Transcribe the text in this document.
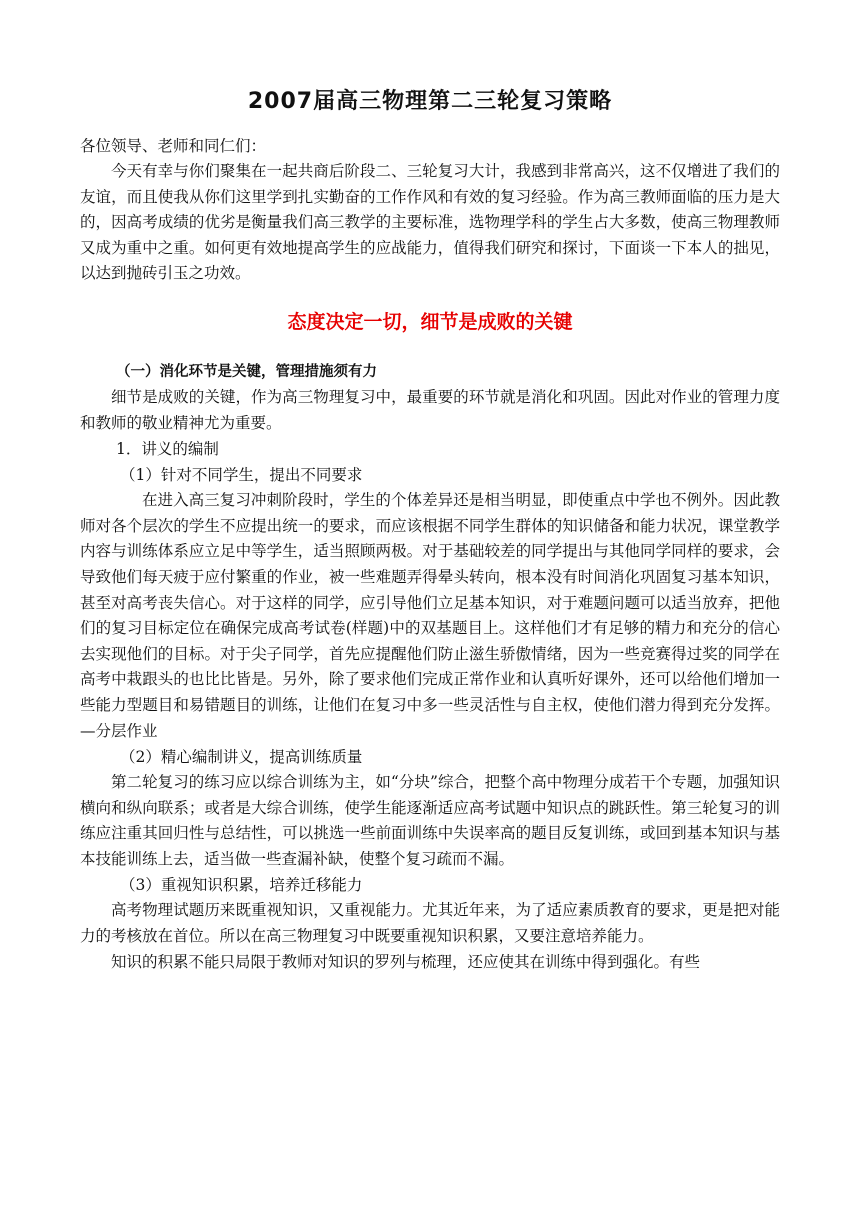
2007届高三物理第二三轮复习策略

各位领导、老师和同仁们：

今天有幸与你们聚集在一起共商后阶段二、三轮复习大计，我感到非常高兴，这不仅增进了我们的友谊，而且使我从你们这里学到扎实勤奋的工作作风和有效的复习经验。作为高三教师面临的压力是大的，因高考成绩的优劣是衡量我们高三教学的主要标准，选物理学科的学生占大多数，使高三物理教师又成为重中之重。如何更有效地提高学生的应战能力，值得我们研究和探讨，下面谈一下本人的拙见，以达到抛砖引玉之功效。

态度决定一切，细节是成败的关键

（一）消化环节是关键，管理措施须有力

细节是成败的关键，作为高三物理复习中，最重要的环节就是消化和巩固。因此对作业的管理力度和教师的敬业精神尤为重要。

1．讲义的编制

（1）针对不同学生，提出不同要求

在进入高三复习冲刺阶段时，学生的个体差异还是相当明显，即使重点中学也不例外。因此教师对各个层次的学生不应提出统一的要求，而应该根据不同学生群体的知识储备和能力状况，课堂教学内容与训练体系应立足中等学生，适当照顾两极。对于基础较差的同学提出与其他同学同样的要求，会导致他们每天疲于应付繁重的作业，被一些难题弄得晕头转向，根本没有时间消化巩固复习基本知识，甚至对高考丧失信心。对于这样的同学，应引导他们立足基本知识，对于难题问题可以适当放弃，把他们的复习目标定位在确保完成高考试卷(样题)中的双基题目上。这样他们才有足够的精力和充分的信心去实现他们的目标。对于尖子同学，首先应提醒他们防止滋生骄傲情绪，因为一些竞赛得过奖的同学在高考中栽跟头的也比比皆是。另外，除了要求他们完成正常作业和认真听好课外，还可以给他们增加一些能力型题目和易错题目的训练，让他们在复习中多一些灵活性与自主权，使他们潜力得到充分发挥。—分层作业

（2）精心编制讲义，提高训练质量

第二轮复习的练习应以综合训练为主，如“分块”综合，把整个高中物理分成若干个专题，加强知识横向和纵向联系；或者是大综合训练，使学生能逐渐适应高考试题中知识点的跳跃性。第三轮复习的训练应注重其回归性与总结性，可以挑选一些前面训练中失误率高的题目反复训练，或回到基本知识与基本技能训练上去，适当做一些查漏补缺，使整个复习疏而不漏。

（3）重视知识积累，培养迁移能力

高考物理试题历来既重视知识，又重视能力。尤其近年来，为了适应素质教育的要求，更是把对能力的考核放在首位。所以在高三物理复习中既要重视知识积累，又要注意培养能力。

知识的积累不能只局限于教师对知识的罗列与梳理，还应使其在训练中得到强化。有些
